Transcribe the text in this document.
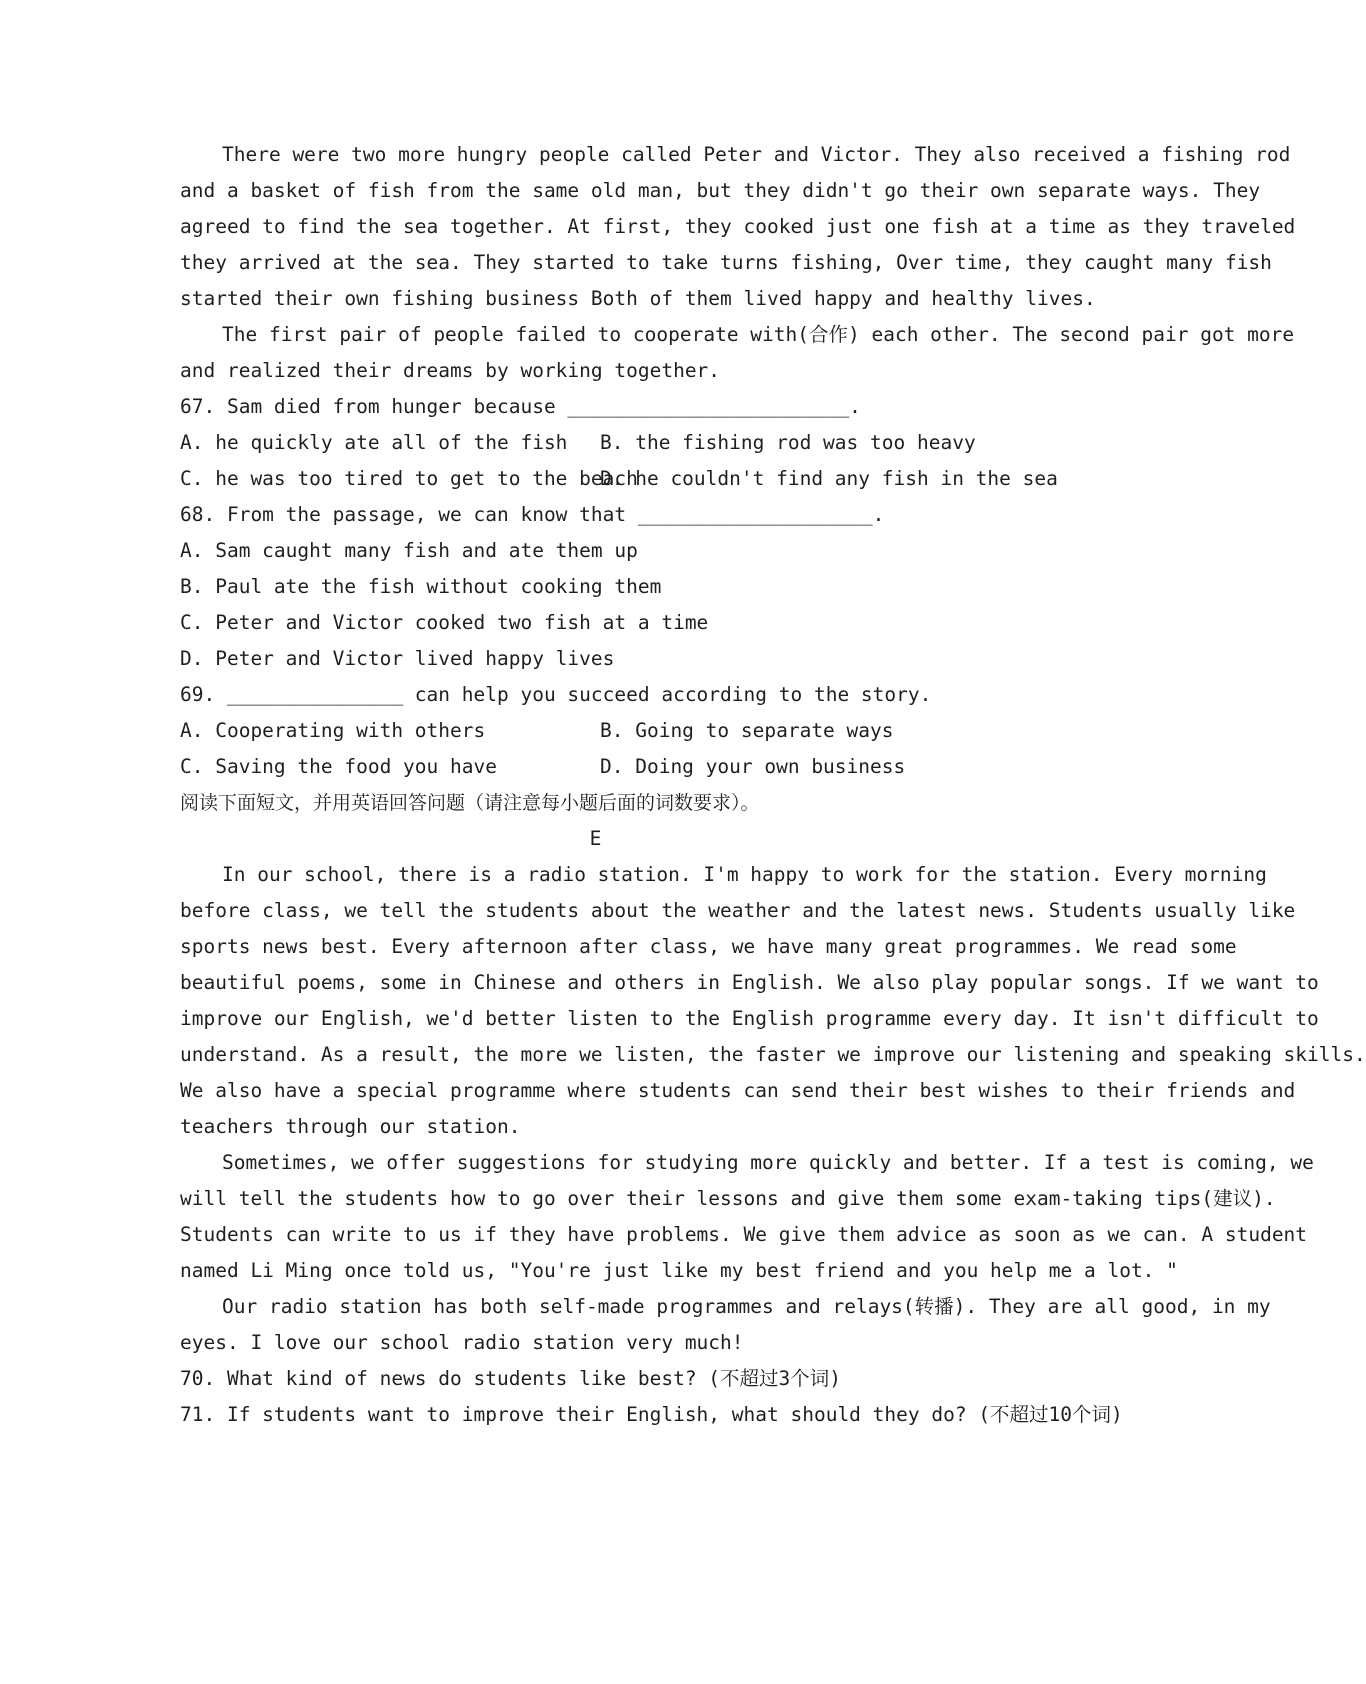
There were two more hungry people called Peter and Victor. They also received a fishing rod
and a basket of fish from the same old man, but they didn't go their own separate ways. They
agreed to find the sea together. At first, they cooked just one fish at a time as they traveled
they arrived at the sea. They started to take turns fishing, Over time, they caught many fish
started their own fishing business Both of them lived happy and healthy lives.
The first pair of people failed to cooperate with(合作) each other. The second pair got more
and realized their dreams by working together.
67. Sam died from hunger because ________________________.
A. he quickly ate all of the fish	B. the fishing rod was too heavy
C. he was too tired to get to the beach
D. he couldn't find any fish in the sea
68. From the passage, we can know that ____________________.
A. Sam caught many fish and ate them up
B. Paul ate the fish without cooking them
C. Peter and Victor cooked two fish at a time
D. Peter and Victor lived happy lives
69. _______________ can help you succeed according to the story.
A. Cooperating with others	B. Going to separate ways
C. Saving the food you have	D. Doing your own business
阅读下面短文，并用英语回答问题（请注意每小题后面的词数要求）。
E
In our school, there is a radio station. I'm happy to work for the station. Every morning
before class, we tell the students about the weather and the latest news. Students usually like
sports news best. Every afternoon after class, we have many great programmes. We read some
beautiful poems, some in Chinese and others in English. We also play popular songs. If we want to
improve our English, we'd better listen to the English programme every day. It isn't difficult to
understand. As a result, the more we listen, the faster we improve our listening and speaking skills.
We also have a special programme where students can send their best wishes to their friends and
teachers through our station.
Sometimes, we offer suggestions for studying more quickly and better. If a test is coming, we
will tell the students how to go over their lessons and give them some exam-taking tips(建议).
Students can write to us if they have problems. We give them advice as soon as we can. A student
named Li Ming once told us, "You're just like my best friend and you help me a lot. "
Our radio station has both self-made programmes and relays(转播). They are all good, in my
eyes. I love our school radio station very much!
70. What kind of news do students like best? (不超过3个词)
71. If students want to improve their English, what should they do? (不超过10个词)
